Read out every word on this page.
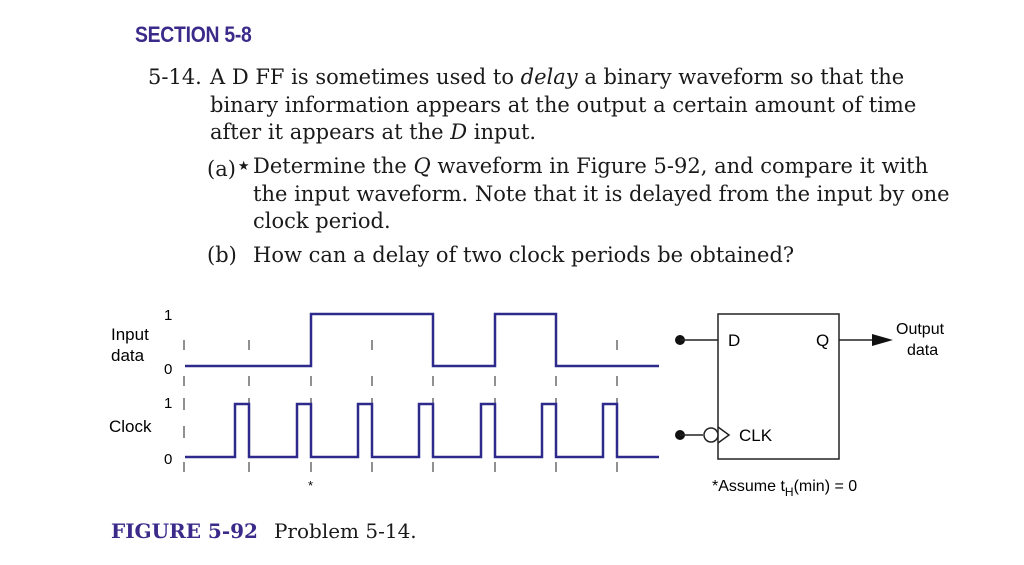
SECTION 5-8
5-14. A D FF is sometimes used to delay a binary waveform so that the binary information appears at the output a certain amount of time after it appears at the D input.
(a) ★ Determine the Q waveform in Figure 5-92, and compare it with the input waveform. Note that it is delayed from the input by one clock period.
(b) How can a delay of two clock periods be obtained?
Input
data
Clock
1
0
1
0
*
D	Q
Output
data
CLK
*Assume $t_H(\min) = 0$
FIGURE 5-92 Problem 5-14.
